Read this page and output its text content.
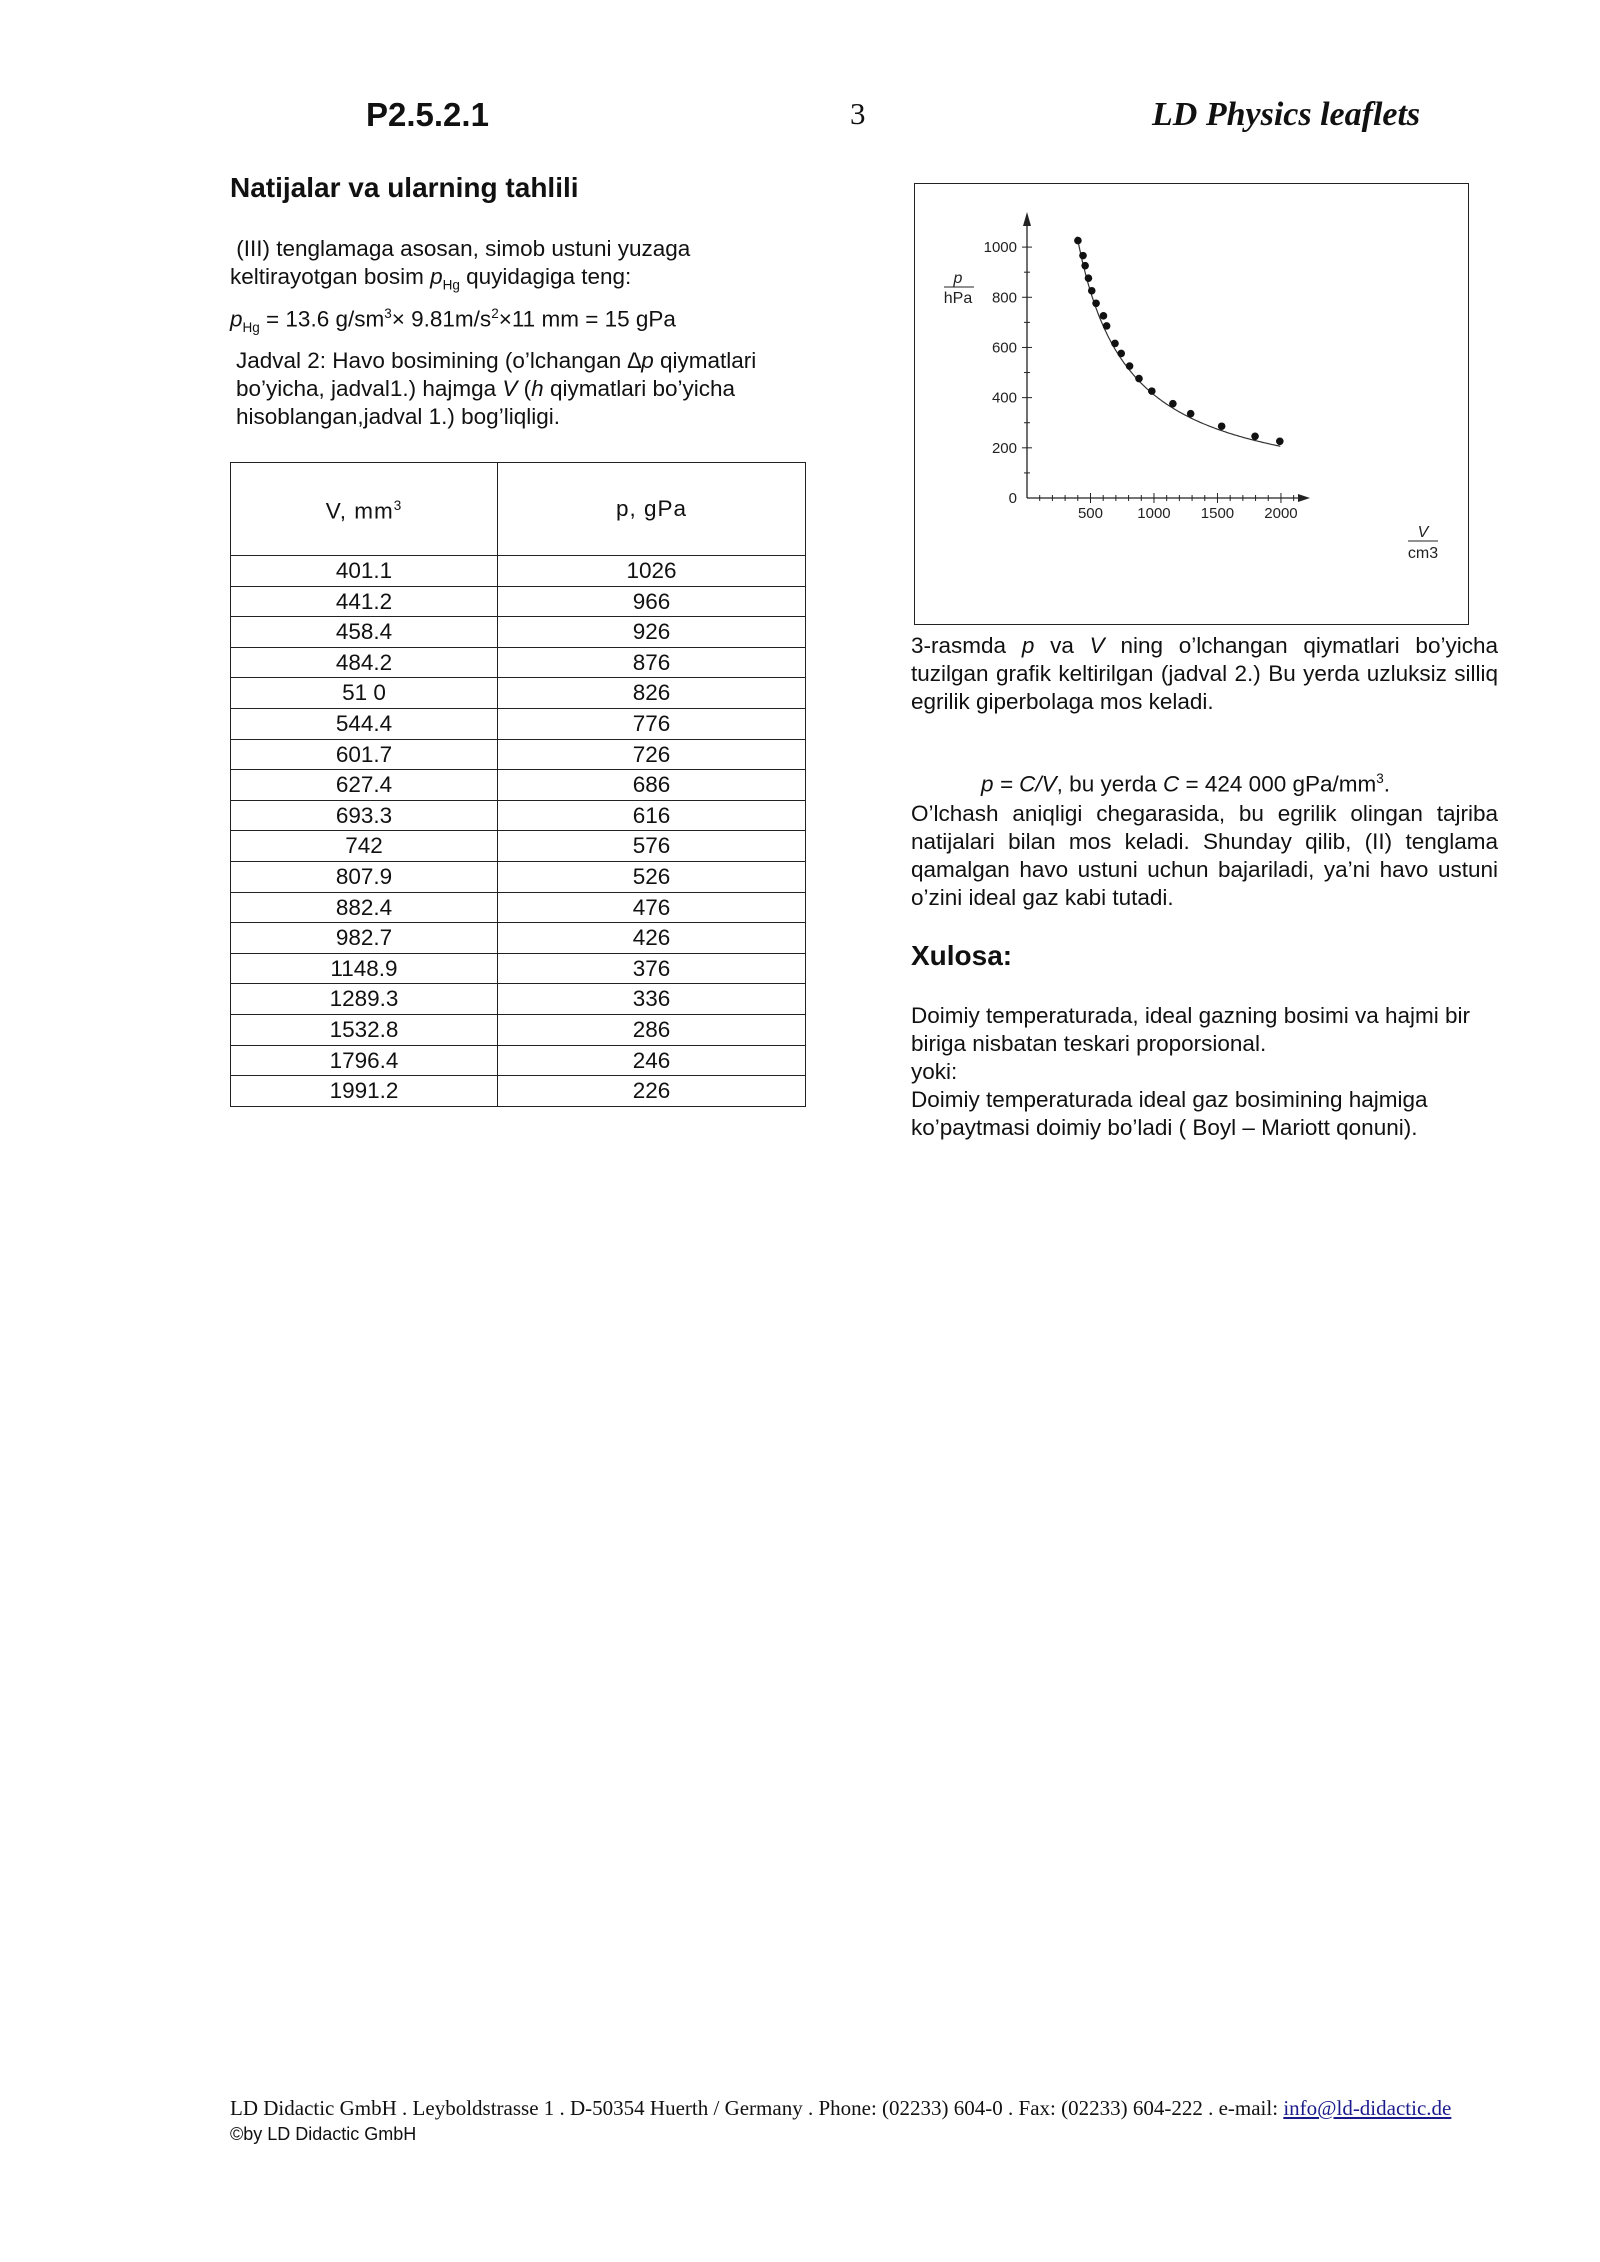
P2.5.2.1	3	LD Physics leaflets
Natijalar va ularning tahlili
(III) tenglamaga asosan, simob ustuni yuzaga
keltirayotgan bosim $p_{Hg}$ quyidagiga teng:
$p_{Hg} = 13.6$ $g/sm^3\times 9.81m/s^2\times 11$ mm = 15 gPa
Jadval 2: Havo bosimining (o’lchangan ∆p qiymatlari bo’yicha, jadval1.) hajmga V (h qiymatlari bo’yicha hisoblangan,jadval 1.) bog’liqligi.
V, $mm^3$	p, gPa
401.1	1026
441.2	966
458.4	926
484.2	876
51 0	826
544.4	776
601.7	726
627.4	686
693.3	616
742	576
807.9	526
882.4	476
982.7	426
1148.9	376
1289.3	336
1532.8	286
1796.4	246
1991.2	226
500 1000 1500 2000
0
200
400
600
800
1000
p
hPa
V
cm3
3-rasmda p va V ning o’lchangan qiymatlari bo’yicha tuzilgan grafik keltirilgan (jadval 2.) Bu yerda uzluksiz silliq egrilik giperbolaga mos keladi.
p = C/V, bu yerda C = 424 000 gPa/$mm^3$.
O’lchash aniqligi chegarasida, bu egrilik olingan tajriba natijalari bilan mos keladi. Shunday qilib, (II) tenglama qamalgan havo ustuni uchun bajariladi, ya’ni havo ustuni o’zini ideal gaz kabi tutadi.
Xulosa:
Doimiy temperaturada, ideal gazning bosimi va hajmi bir biriga nisbatan teskari proporsional.
yoki:
Doimiy temperaturada ideal gaz bosimining hajmiga ko’paytmasi doimiy bo’ladi ( Boyl – Mariott qonuni).
LD Didactic GmbH . Leyboldstrasse 1 . D-50354 Huerth / Germany . Phone: (02233) 604-0 . Fax: (02233) 604-222 . e-mail: info@ld-didactic.de
©by LD Didactic GmbH
